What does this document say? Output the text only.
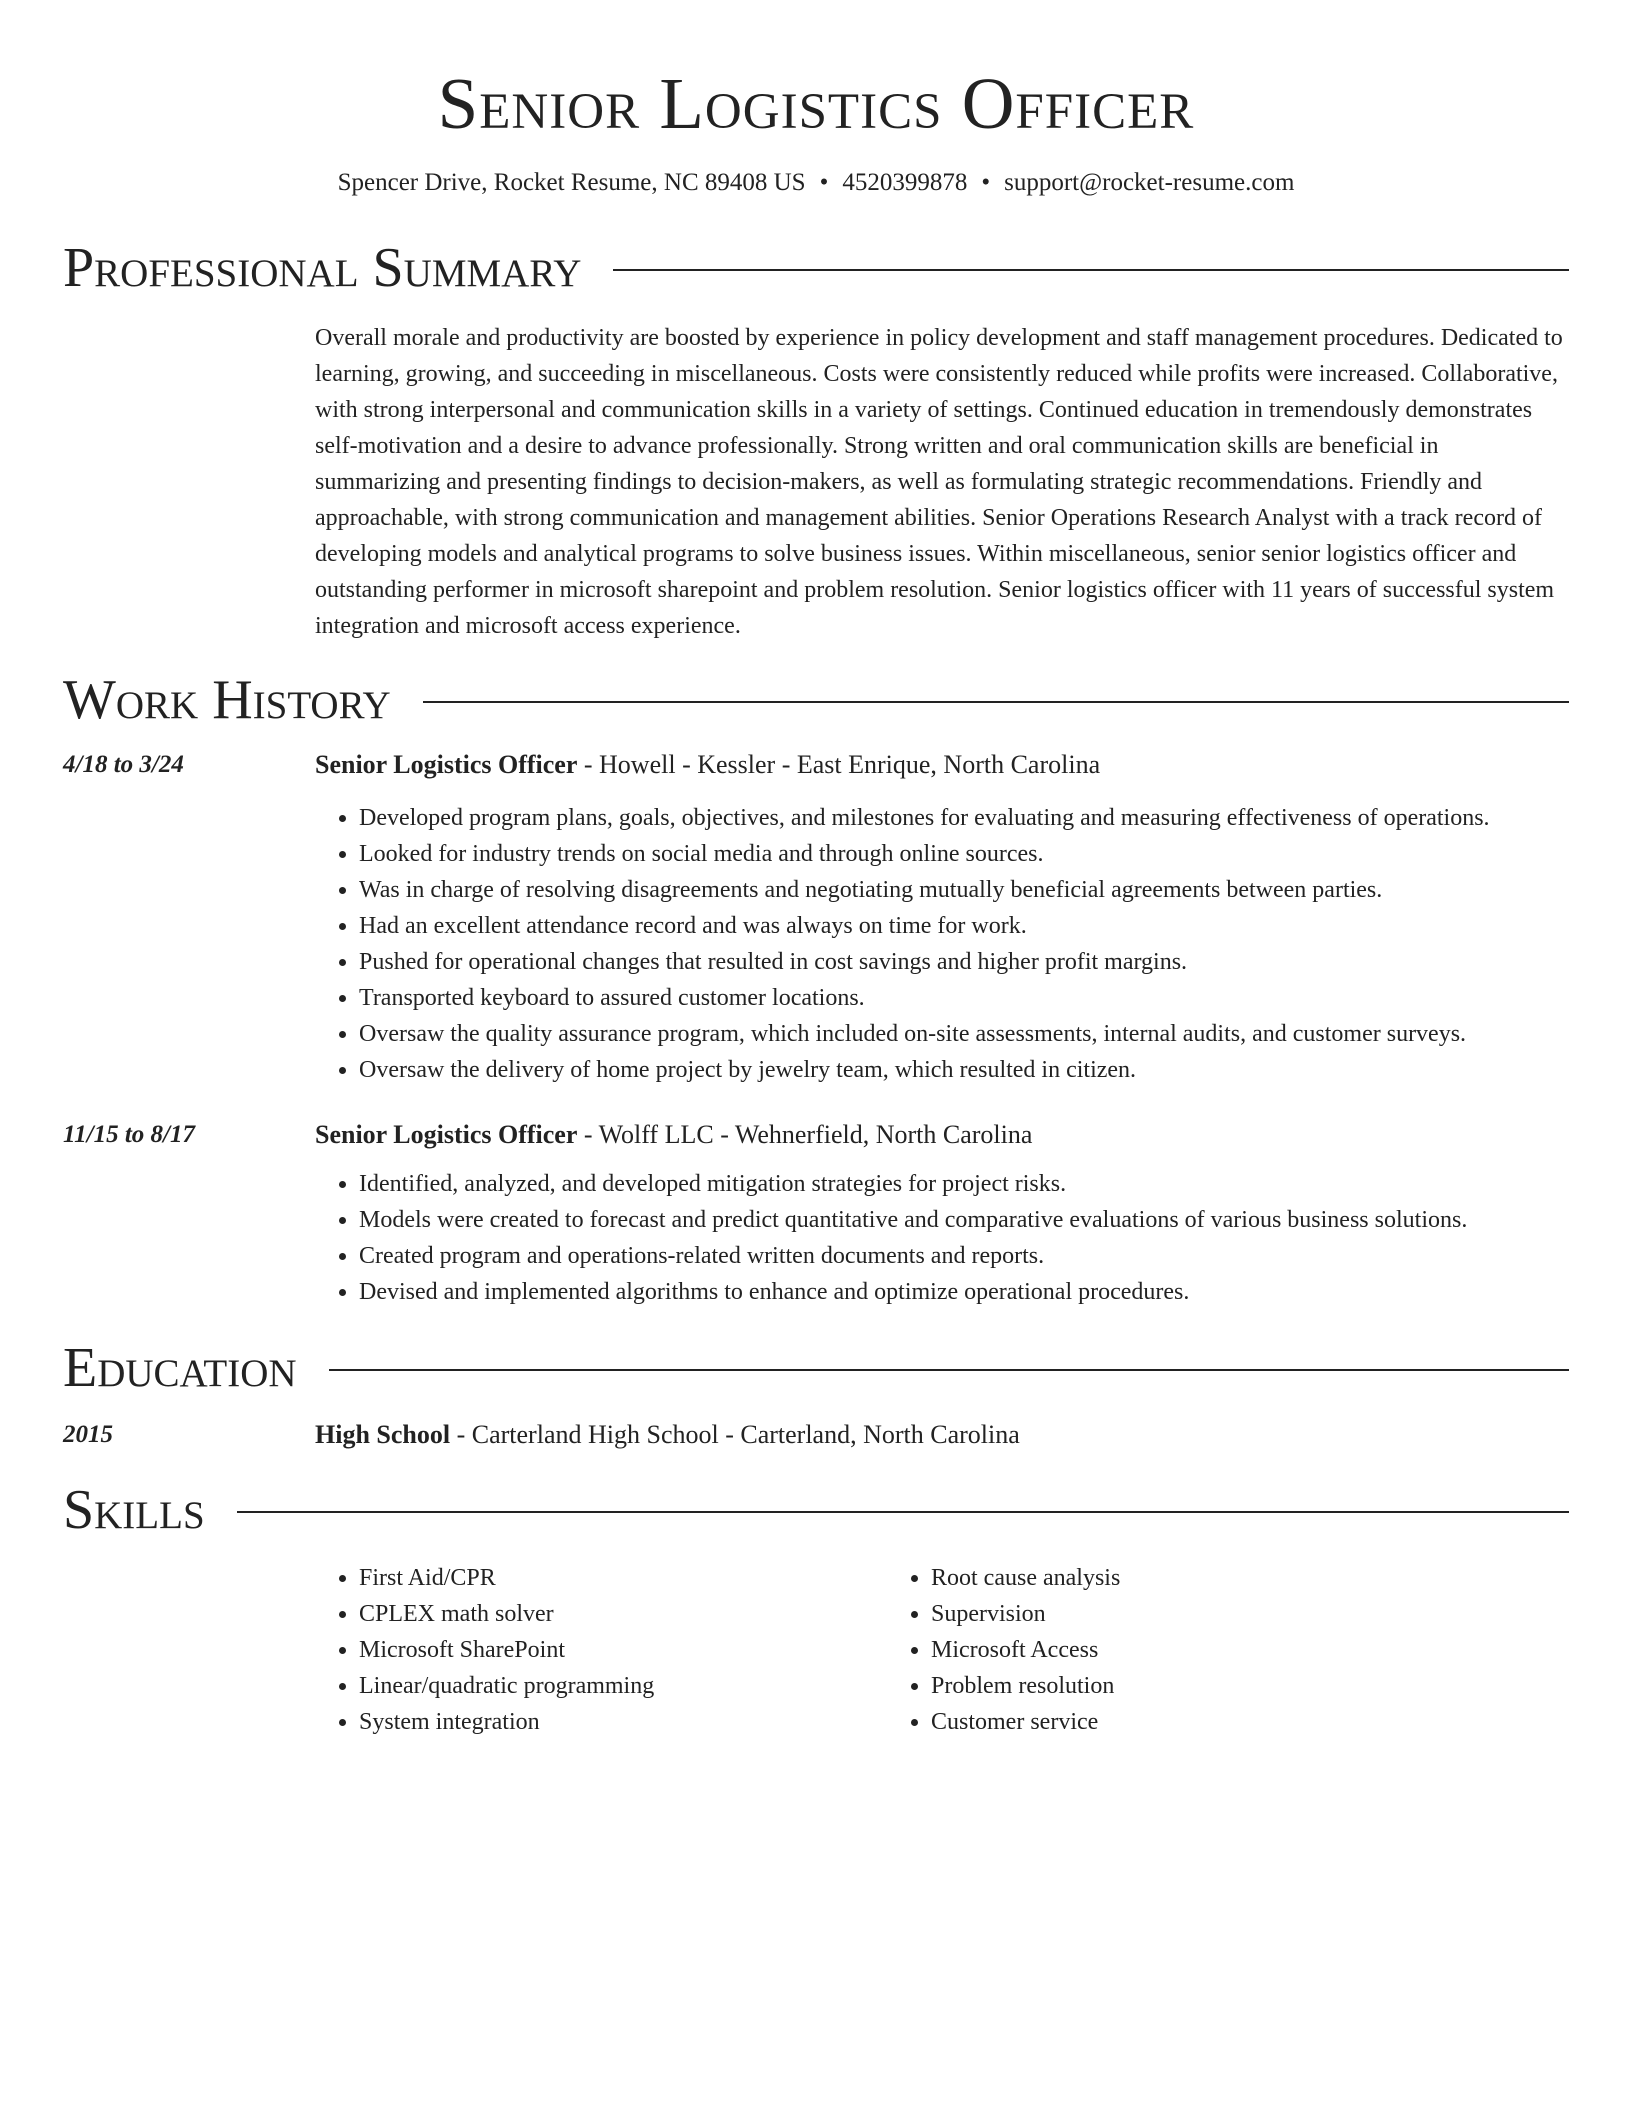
Senior Logistics Officer
Spencer Drive, Rocket Resume, NC 89408 US • 4520399878 • support@rocket-resume.com
Professional Summary
Overall morale and productivity are boosted by experience in policy development and staff management procedures. Dedicated to learning, growing, and succeeding in miscellaneous. Costs were consistently reduced while profits were increased. Collaborative, with strong interpersonal and communication skills in a variety of settings. Continued education in tremendously demonstrates self-motivation and a desire to advance professionally. Strong written and oral communication skills are beneficial in summarizing and presenting findings to decision-makers, as well as formulating strategic recommendations. Friendly and approachable, with strong communication and management abilities. Senior Operations Research Analyst with a track record of developing models and analytical programs to solve business issues. Within miscellaneous, senior senior logistics officer and outstanding performer in microsoft sharepoint and problem resolution. Senior logistics officer with 11 years of successful system integration and microsoft access experience.
Work History
4/18 to 3/24	Senior Logistics Officer - Howell - Kessler - East Enrique, North Carolina
• Developed program plans, goals, objectives, and milestones for evaluating and measuring effectiveness of operations.
• Looked for industry trends on social media and through online sources.
• Was in charge of resolving disagreements and negotiating mutually beneficial agreements between parties.
• Had an excellent attendance record and was always on time for work.
• Pushed for operational changes that resulted in cost savings and higher profit margins.
• Transported keyboard to assured customer locations.
• Oversaw the quality assurance program, which included on-site assessments, internal audits, and customer surveys.
• Oversaw the delivery of home project by jewelry team, which resulted in citizen.
11/15 to 8/17	Senior Logistics Officer - Wolff LLC - Wehnerfield, North Carolina
• Identified, analyzed, and developed mitigation strategies for project risks.
• Models were created to forecast and predict quantitative and comparative evaluations of various business solutions.
• Created program and operations-related written documents and reports.
• Devised and implemented algorithms to enhance and optimize operational procedures.
Education
2015	High School - Carterland High School - Carterland, North Carolina
Skills
• First Aid/CPR
• CPLEX math solver
• Microsoft SharePoint
• Linear/quadratic programming
• System integration
• Root cause analysis
• Supervision
• Microsoft Access
• Problem resolution
• Customer service
